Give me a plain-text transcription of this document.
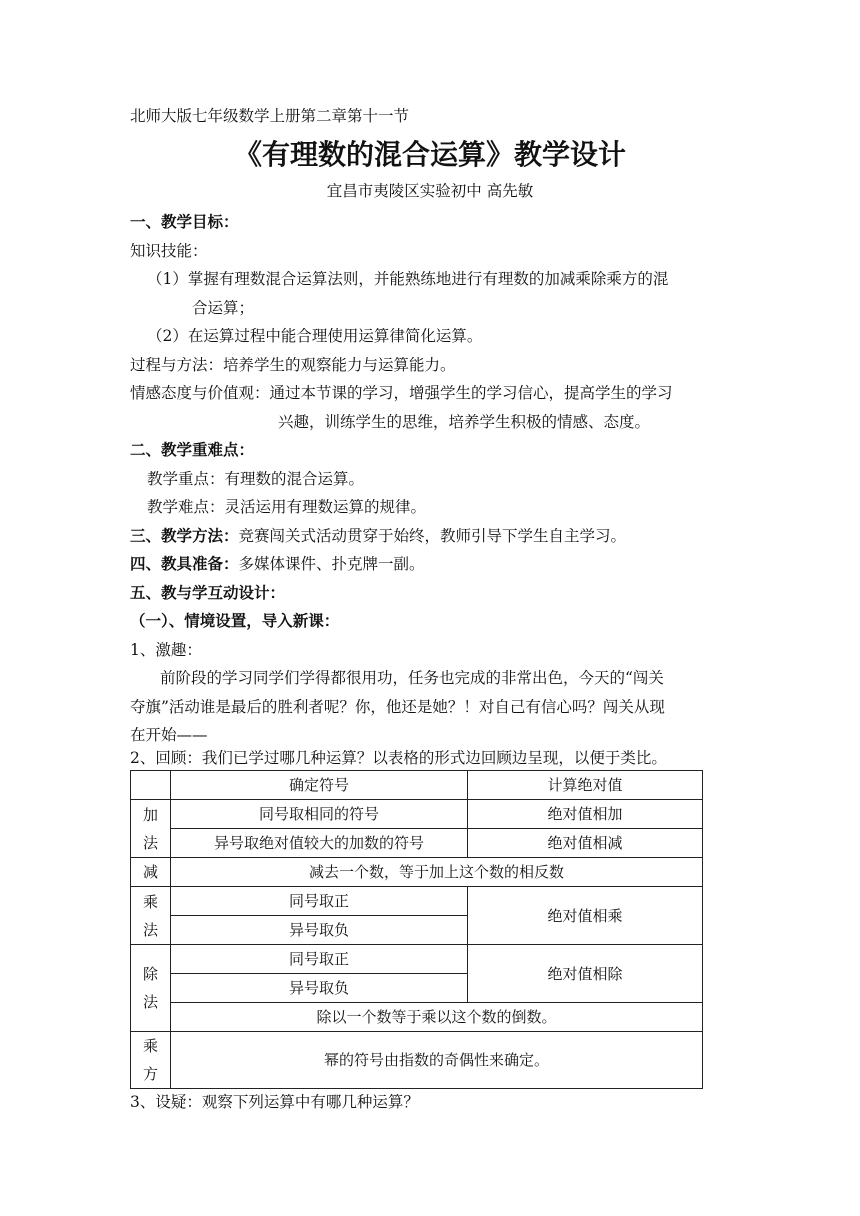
北师大版七年级数学上册第二章第十一节
《有理数的混合运算》教学设计
宜昌市夷陵区实验初中 高先敏
一、教学目标：
知识技能：
（1）掌握有理数混合运算法则，并能熟练地进行有理数的加减乘除乘方的混
合运算；
（2）在运算过程中能合理使用运算律简化运算。
过程与方法：培养学生的观察能力与运算能力。
情感态度与价值观：通过本节课的学习，增强学生的学习信心，提高学生的学习
兴趣，训练学生的思维，培养学生积极的情感、态度。
二、教学重难点：
教学重点：有理数的混合运算。
教学难点：灵活运用有理数运算的规律。
三、教学方法：竞赛闯关式活动贯穿于始终，教师引导下学生自主学习。
四、教具准备：多媒体课件、扑克牌一副。
五、教与学互动设计：
（一）、情境设置，导入新课：
1、激趣：
前阶段的学习同学们学得都很用功，任务也完成的非常出色，今天的“闯关
夺旗”活动谁是最后的胜利者呢？你，他还是她？！对自己有信心吗？闯关从现
在开始——
2、回顾：我们已学过哪几种运算？以表格的形式边回顾边呈现，以便于类比。
	确定符号	计算绝对值

加
法	同号取相同的符号	绝对值相加
	异号取绝对值较大的加数的符号	绝对值相减
减	减去一个数，等于加上这个数的相反数	

乘
法	同号取正	绝对值相乘
	异号取负	

除
法	同号取正	绝对值相除
	异号取负	
	除以一个数等于乘以这个数的倒数。	

乘
方	幂的符号由指数的奇偶性来确定。	
3、设疑：观察下列运算中有哪几种运算？
